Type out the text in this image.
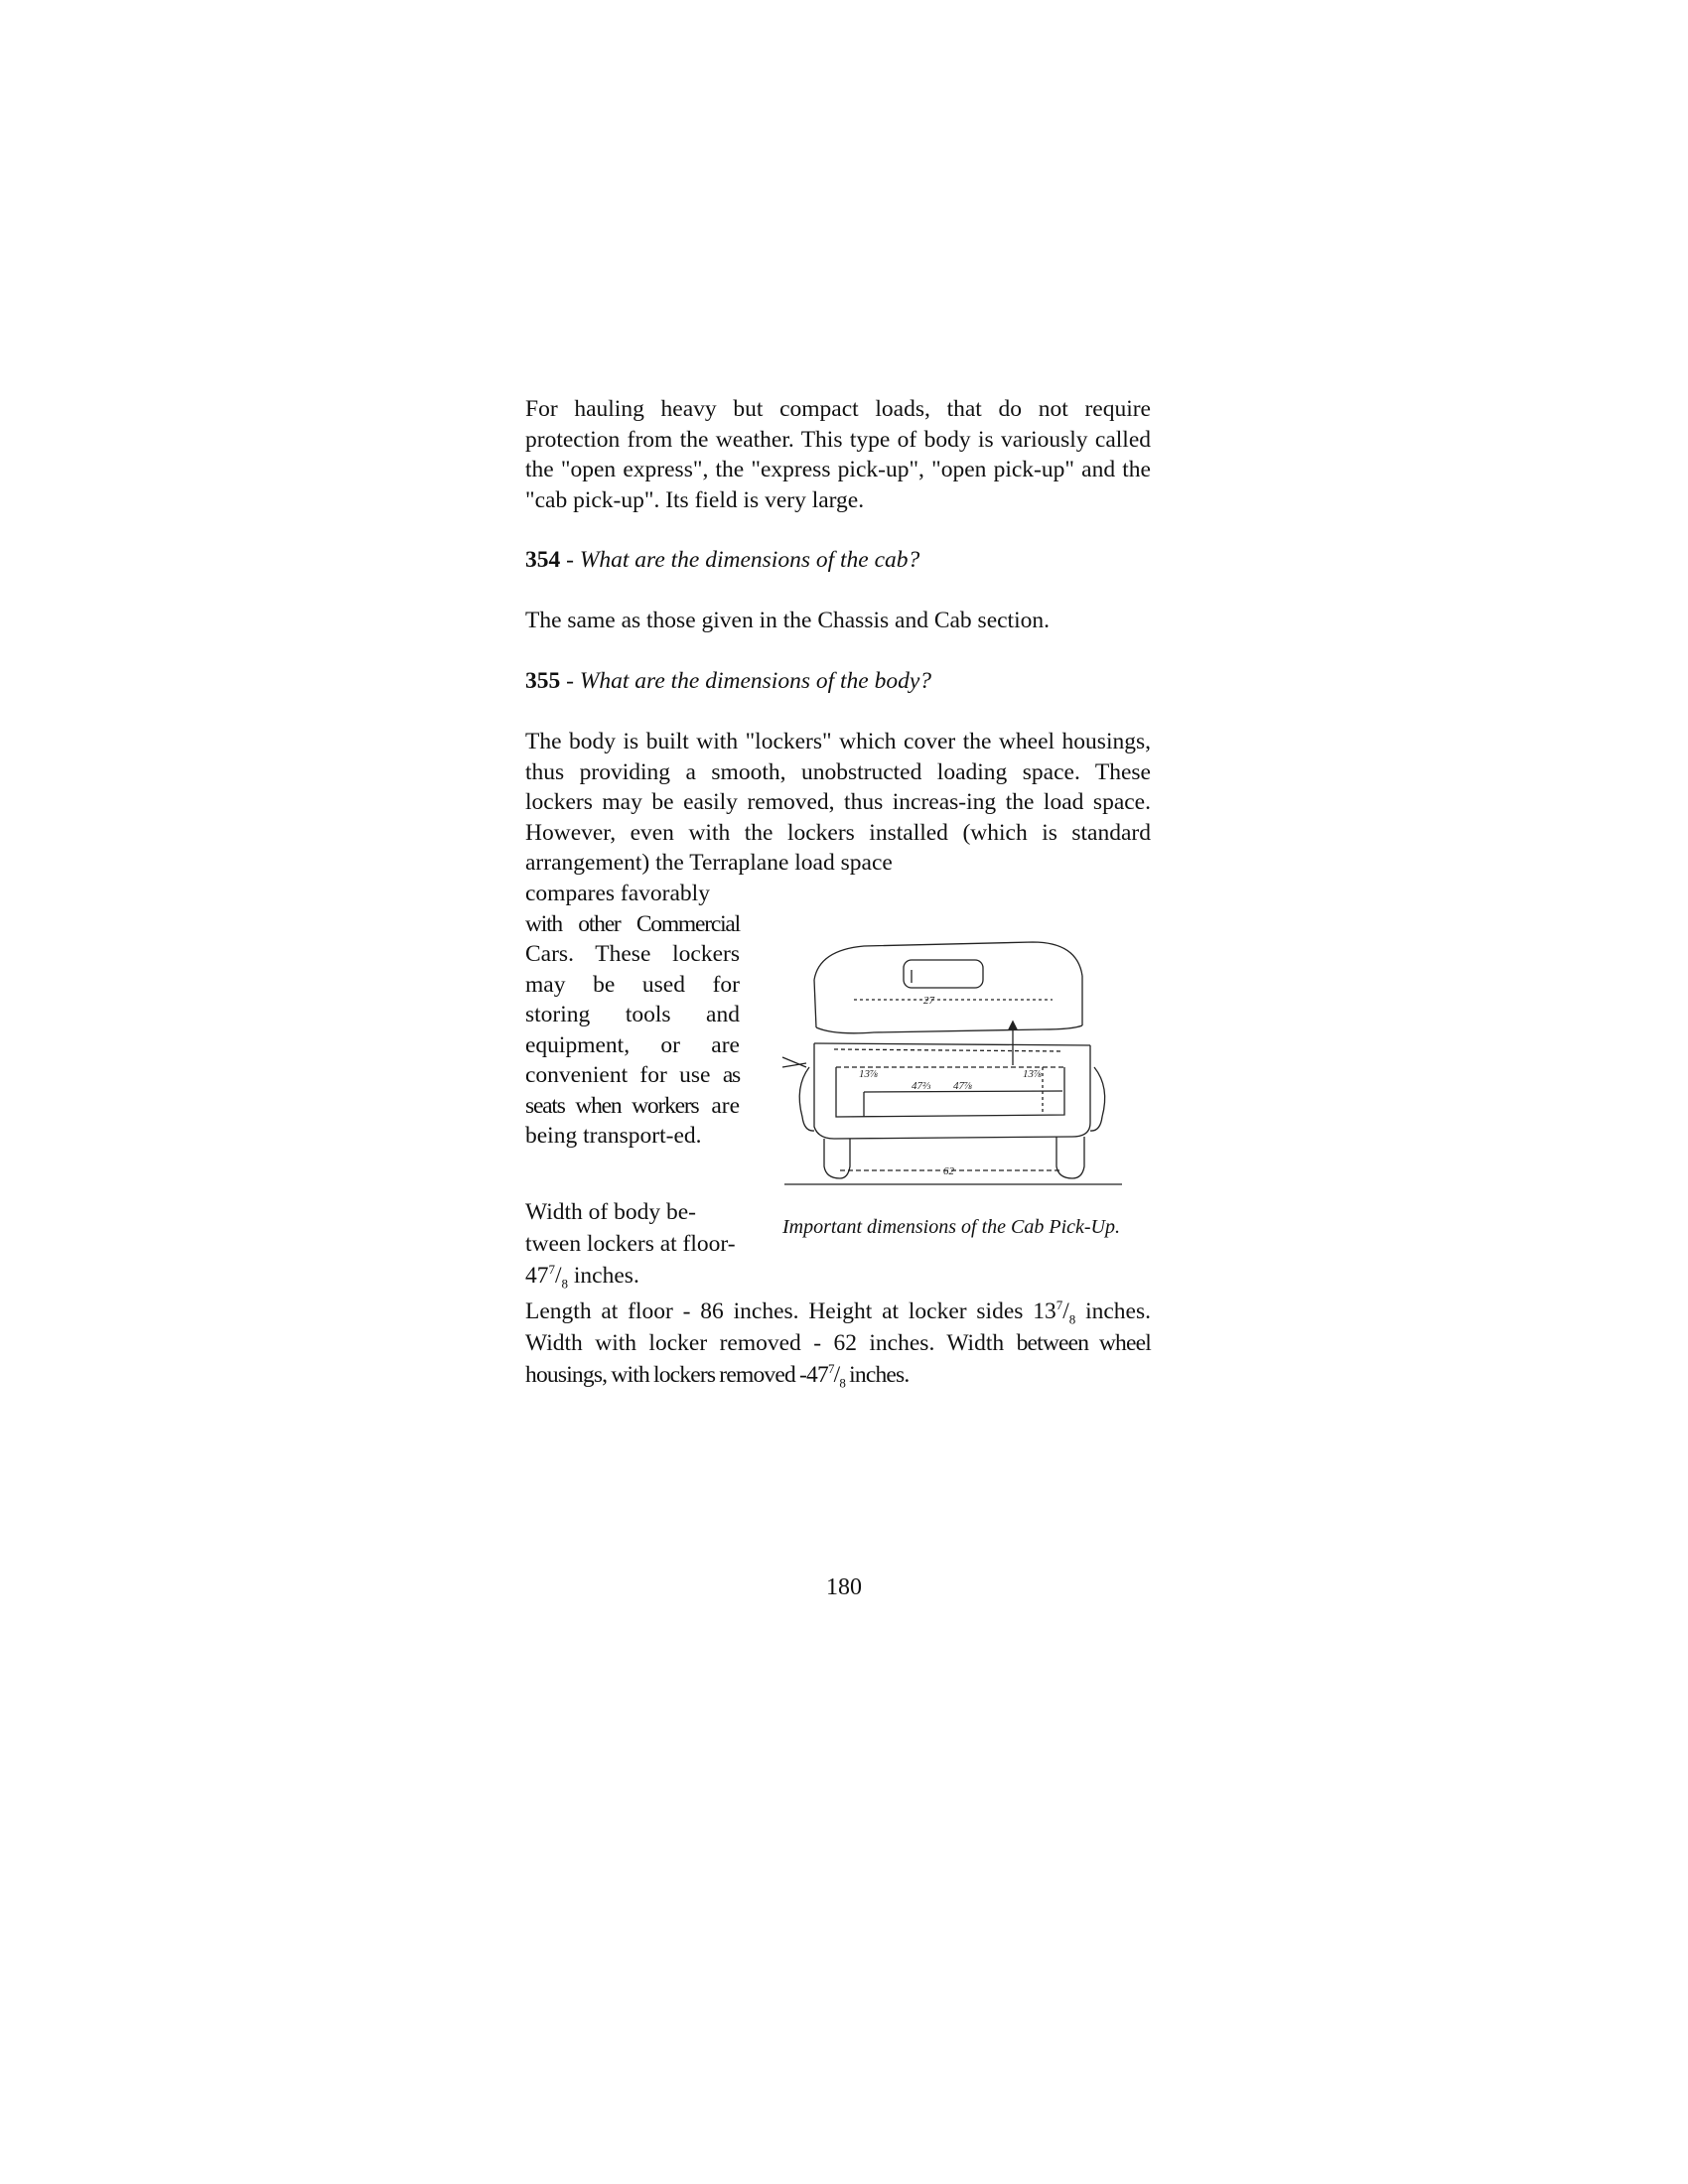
For hauling heavy but compact loads, that do not require protection from the weather. This type of body is variously called the "open express", the "express pick-up", "open pick-up" and the "cab pick-up". Its field is very large.

354 - What are the dimensions of the cab?

The same as those given in the Chassis and Cab section.

355 - What are the dimensions of the body?

The body is built with "lockers" which cover the wheel housings, thus providing a smooth, unobstructed loading space. These lockers may be easily removed, thus increas-ing the load space. However, even with the lockers installed (which is standard arrangement) the Terraplane load space

compares favorably
with other Commercial Cars. These lockers may be used for storing tools and equipment, or are convenient for use as seats when workers are being transport-ed.
Width of body be-tween lockers at floor-$47^7/_8$ inches.
27
47⅔
13⅞
47⅞
13⅞
62
Important dimensions of the Cab Pick-Up.
Length at floor - 86 inches. Height at locker sides $13^7/_8$ inches. Width with locker removed - 62 inches. Width between wheel housings, with lockers removed $-47^7/_8$ inches.
180
